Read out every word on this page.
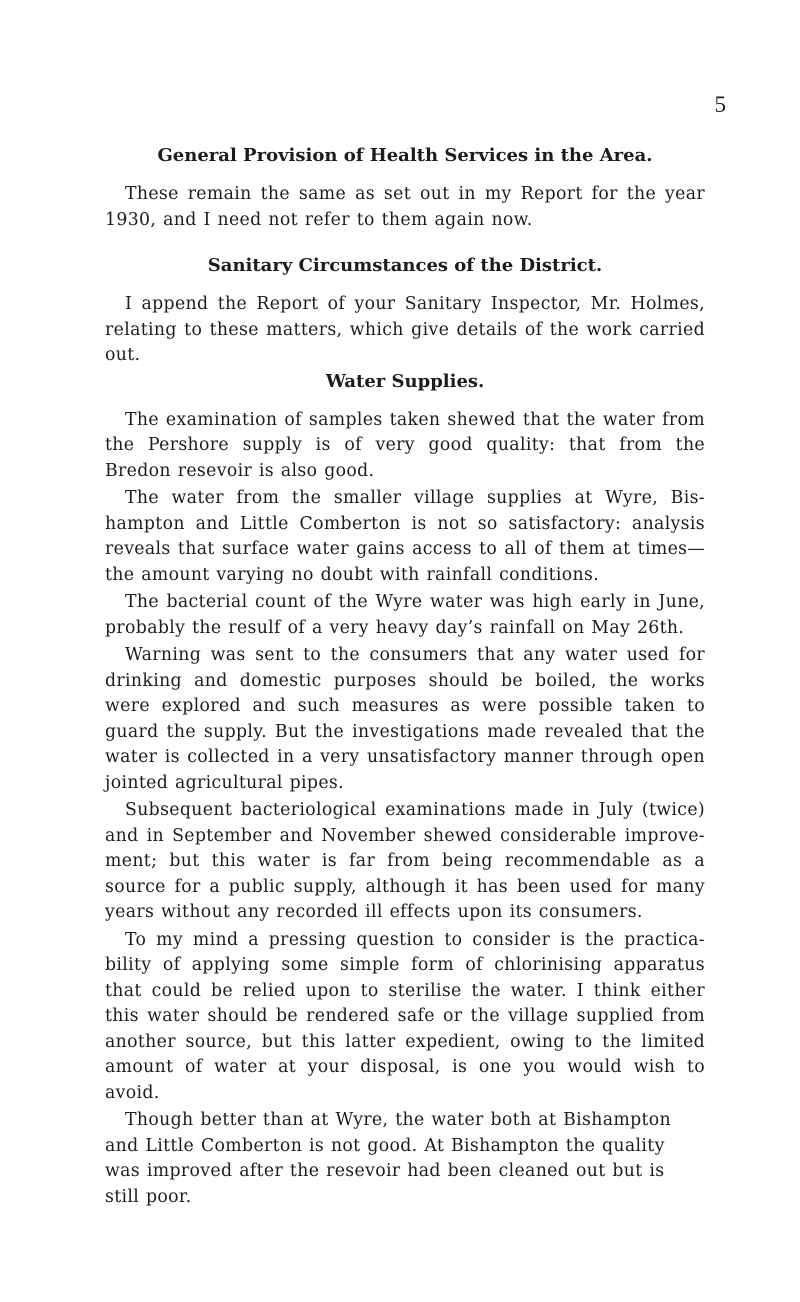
5
General Provision of Health Services in the Area.

These remain the same as set out in my Report for the year 1930, and I need not refer to them again now.

Sanitary Circumstances of the District.

I append the Report of your Sanitary Inspector, Mr. Holmes, relating to these matters, which give details of the work carried out.

Water Supplies.

The examination of samples taken shewed that the water from the Pershore supply is of very good quality: that from the Bredon resevoir is also good.

The water from the smaller village supplies at Wyre, Bis-hampton and Little Comberton is not so satisfactory: analysis reveals that surface water gains access to all of them at times— the amount varying no doubt with rainfall conditions.

The bacterial count of the Wyre water was high early in June, probably the resulf of a very heavy day’s rainfall on May 26th.

Warning was sent to the consumers that any water used for drinking and domestic purposes should be boiled, the works were explored and such measures as were possible taken to guard the supply. But the investigations made revealed that the water is collected in a very unsatisfactory manner through open jointed agricultural pipes.

Subsequent bacteriological examinations made in July (twice) and in September and November shewed considerable improve-ment; but this water is far from being recommendable as a source for a public supply, although it has been used for many years without any recorded ill effects upon its consumers.

To my mind a pressing question to consider is the practica-bility of applying some simple form of chlorinising apparatus that could be relied upon to sterilise the water. I think either this water should be rendered safe or the village supplied from another source, but this latter expedient, owing to the limited amount of water at your disposal, is one you would wish to avoid.

Though better than at Wyre, the water both at Bishampton and Little Comberton is not good. At Bishampton the quality was improved after the resevoir had been cleaned out but is still poor.
